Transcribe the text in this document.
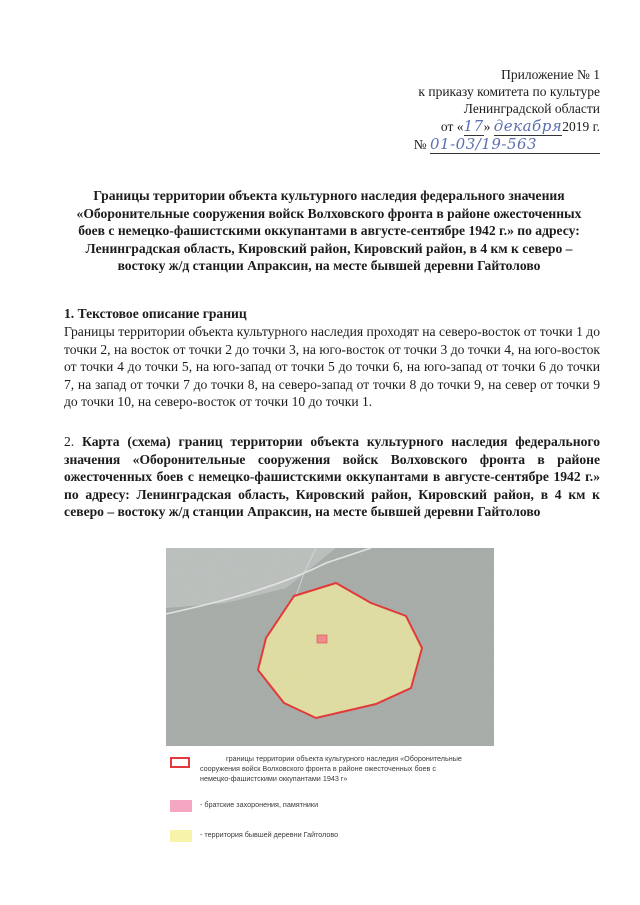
Приложение № 1
к приказу комитета по культуре
Ленинградской области
от «17» декабря2019 г.
№ 01-03/19-563
Границы территории объекта культурного наследия федерального значения «Оборонительные сооружения войск Волховского фронта в районе ожесточенных боев с немецко-фашистскими оккупантами в августе-сентябре 1942 г.» по адресу: Ленинградская область, Кировский район, Кировский район, в 4 км к северо – востоку ж/д станции Апраксин, на месте бывшей деревни Гайтолово
1. Текстовое описание границ
Границы территории объекта культурного наследия проходят на северо-восток от точки 1 до точки 2, на восток от точки 2 до точки 3, на юго-восток от точки 3 до точки 4, на юго-восток от точки 4 до точки 5, на юго-запад от точки 5 до точки 6, на юго-запад от точки 6 до точки 7, на запад от точки 7 до точки 8, на северо-запад от точки 8 до точки 9, на север от точки 9 до точки 10, на северо-восток от точки 10 до точки 1.
2. Карта (схема) границ территории объекта культурного наследия федерального значения «Оборонительные сооружения войск Волховского фронта в районе ожесточенных боев с немецко-фашистскими оккупантами в августе-сентябре 1942 г.» по адресу: Ленинградская область, Кировский район, Кировский район, в 4 км к северо – востоку ж/д станции Апраксин, на месте бывшей деревни Гайтолово
границы территории объекта культурного наследия «Оборонительные
сооружения войск Волховского фронта в районе ожесточенных боев с
немецко-фашистскими оккупантами 1943 г»
- братские захоронения, памятники
- территория бывшей деревни Гайтолово
